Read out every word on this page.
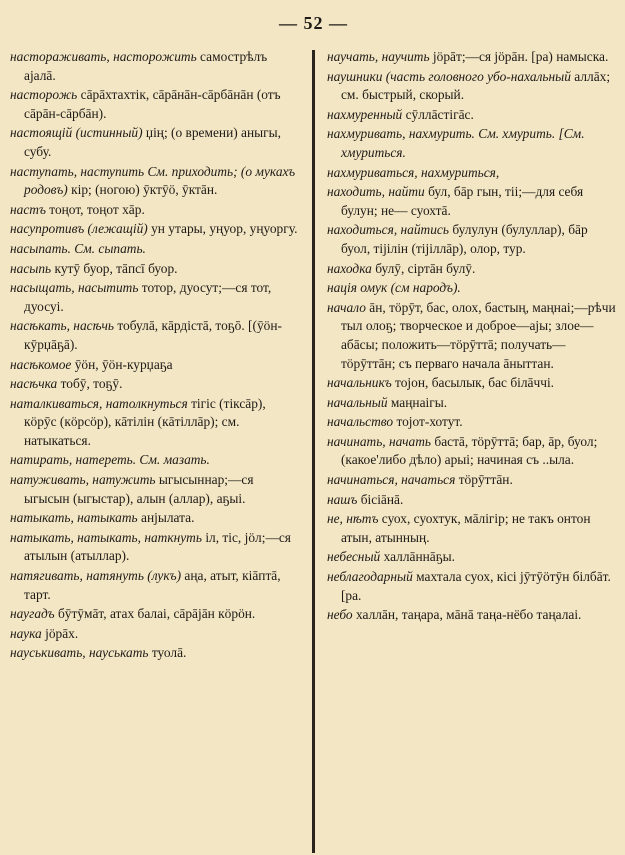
— 52 —

настораживать, насторожить самострѣлъ ајалā.

насторожь сāрāхтахтiк, сāрāнāн-сāрбāнāн (отъ сāрāн-сāрбāн).

настоящій (истинный) џiң; (о времени) аныгы, субу.

наступать, наступить См. приходить; (о мукахъ родовъ) кiр; (ногою) ӯктӯӧ, ӯктāн.

настъ тоңот, тоңот хāр.

насупротивъ (лежащій) ун утары, уңуор, уңуоргу.

насыпать. См. сыпать.

насыпь кутӯ буор, тāпсī буор.

насыщать, насытить тотор, дуосут;—ся тот, дуосуі.

насѣкать, насѣчь тобулā, кāрдiстā, тоҕō. [(ӯӧн-кӯрџāҕā).

насѣкомое ӯӧн, ӯӧн-курџаҕа

насѣчка тобӯ, тоҕӯ.

наталкиваться, натолкнуться тiгiс (тiксāр), кӧрӯс (кӧрсӧр), кāтiлiн (кāтiллāр); см. натыкаться.

натирать, натереть. См. мазать.

натуживать, натужить ыгысыннар;—ся ыгысын (ыгыстар), алын (аллар), аҕыі.

натыкать, натыкать анјылата.

натыкать, натыкать, наткнуть iл, тiс, јӧл;—ся атылын (атыллар).

натягивать, натянуть (лукъ) аңа, атыт, кiāптā, тарт.

наугадъ бӯтӯмāт, атах балаі, сāрāјāн кӧрӧн.

наука јӧрāх.

науськивать, науськать туолā.

научать, научить јӧрāт;—ся јӧрāн. [ра) намыска.

наушники (часть головного убо-нахальный аллāх; см. быстрый, скорый.

нахмуренный сӯллāстiгāс.

нахмуривать, нахмурить. См. хмурить. [См. хмуриться.

нахмуриваться, нахмуриться,

находить, найти бул, бāр гын, тiі;—для себя булун; не— суохтā.

находиться, найтись булулун (булуллар), бāр буол, тiјiлiн (тiјiллāр), олор, тур.

находка булӯ, сiртāн булӯ.

нація омук (см народъ).

начало āн, тӧрӯт, бас, олох, бастың, маңнаі;—рѣчи тыл олоҕ; творческое и доброе—ајы; злое—абāсы; положить—тӧрӯттā; получать—тӧрӯттāн; съ перваго начала āныттан.

начальникъ тојон, басылык, бас бiлāччi.

начальный маңнаігы.

начальство тојот-хотут.

начинать, начать бастā, тӧрӯттā; бар, āр, буол; (какое'либо дѣло) арыі; начиная съ ..ыла.

начинаться, начаться тӧрӯттāн.

нашъ бiсiāнā.

не, нѣтъ суох, суохтук, мāлiгiр; не такъ онтон атын, атынның.

небесный халлāннāҕы.

неблагодарный махтала суох, кiсi јӯтӯӧтӯн бiлбāт. [ра.

небо халлāн, таңара, мāнā таңа-нёбо таңалаі.
